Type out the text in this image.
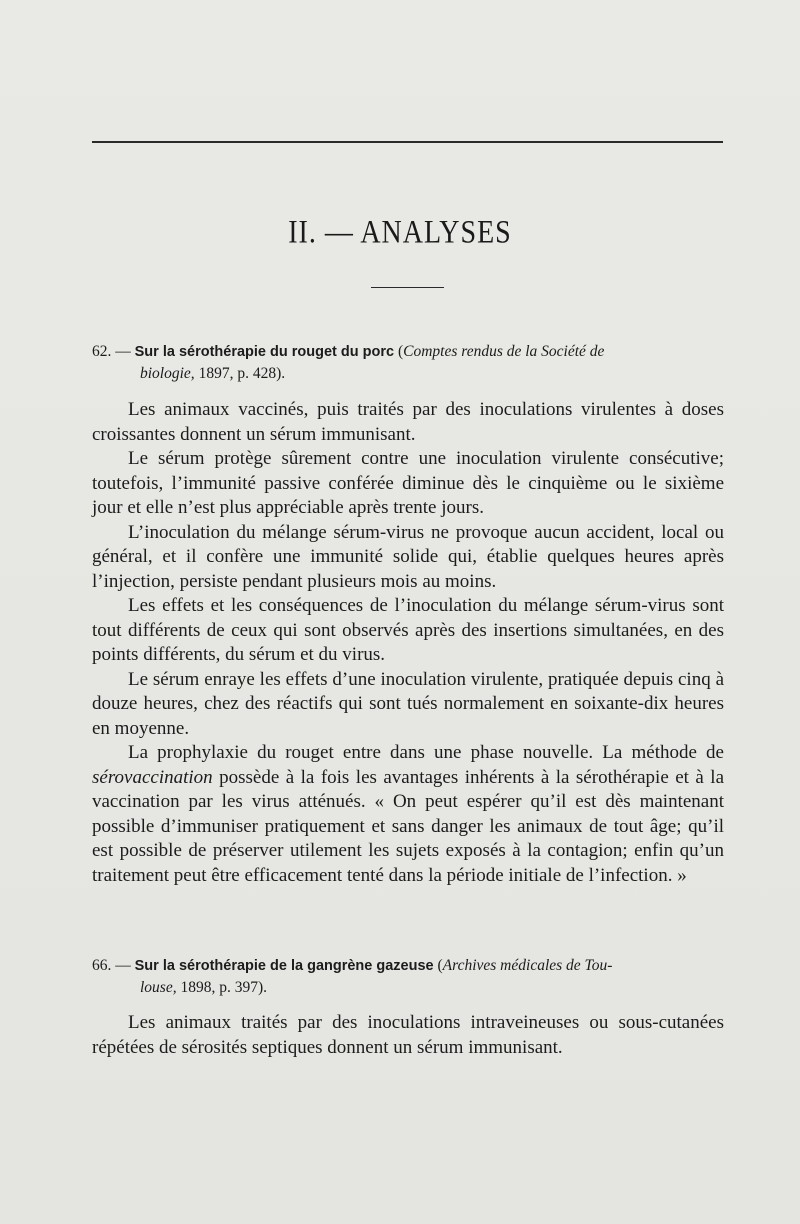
II. — ANALYSES
62. — Sur la sérothérapie du rouget du porc (Comptes rendus de la Société de
biologie, 1897, p. 428).

Les animaux vaccinés, puis traités par des inoculations virulentes à doses croissantes donnent un sérum immunisant.

Le sérum protège sûrement contre une inoculation virulente consécutive; toutefois, l’immunité passive conférée diminue dès le cinquième ou le sixième jour et elle n’est plus appréciable après trente jours.

L’inoculation du mélange sérum-virus ne provoque aucun accident, local ou général, et il confère une immunité solide qui, établie quelques heures après l’injection, persiste pendant plusieurs mois au moins.

Les effets et les conséquences de l’inoculation du mélange sérum-virus sont tout différents de ceux qui sont observés après des insertions simultanées, en des points différents, du sérum et du virus.

Le sérum enraye les effets d’une inoculation virulente, pratiquée depuis cinq à douze heures, chez des réactifs qui sont tués normalement en soixante-dix heures en moyenne.

La prophylaxie du rouget entre dans une phase nouvelle. La méthode de sérovaccination possède à la fois les avantages inhérents à la sérothérapie et à la vaccination par les virus atténués. « On peut espérer qu’il est dès maintenant possible d’immuniser pratiquement et sans danger les animaux de tout âge; qu’il est possible de préserver utilement les sujets exposés à la contagion; enfin qu’un traitement peut être efficacement tenté dans la période initiale de l’infection. »

66. — Sur la sérothérapie de la gangrène gazeuse (Archives médicales de Tou-
louse, 1898, p. 397).

Les animaux traités par des inoculations intraveineuses ou sous-cutanées répétées de sérosités septiques donnent un sérum immunisant.
